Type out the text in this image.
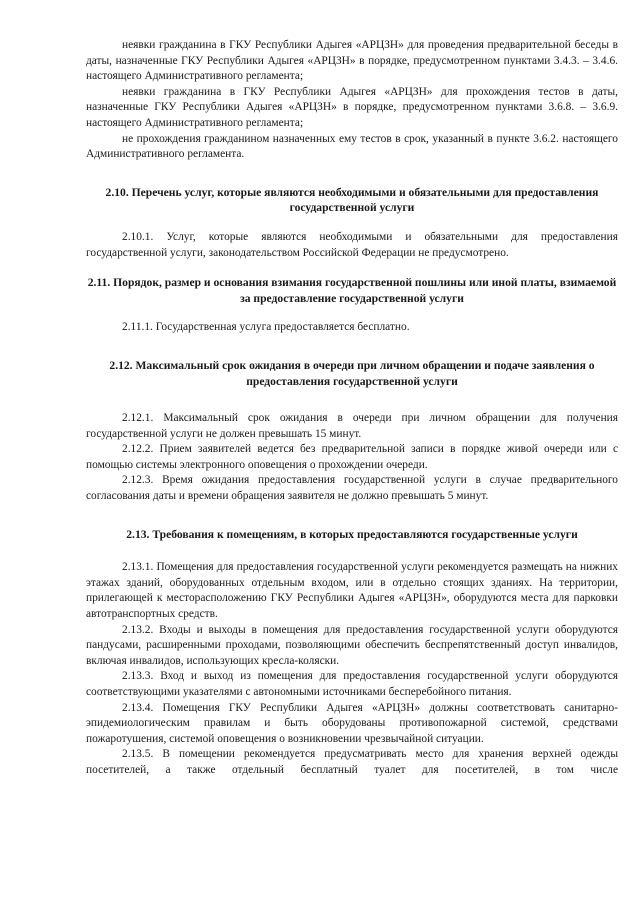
неявки гражданина в ГКУ Республики Адыгея «АРЦЗН» для проведения предварительной беседы в даты, назначенные ГКУ Республики Адыгея «АРЦЗН» в порядке, предусмотренном пунктами 3.4.3. – 3.4.6. настоящего Административного регламента;

неявки гражданина в ГКУ Республики Адыгея «АРЦЗН» для прохождения тестов в даты, назначенные ГКУ Республики Адыгея «АРЦЗН» в порядке, предусмотренном пунктами 3.6.8. – 3.6.9. настоящего Административного регламента;

не прохождения гражданином назначенных ему тестов в срок, указанный в пункте 3.6.2. настоящего Административного регламента.

2.10. Перечень услуг, которые являются необходимыми и обязательными для предоставления государственной услуги

2.10.1. Услуг, которые являются необходимыми и обязательными для предоставления государственной услуги, законодательством Российской Федерации не предусмотрено.

2.11. Порядок, размер и основания взимания государственной пошлины или иной платы, взимаемой за предоставление государственной услуги

2.11.1. Государственная услуга предоставляется бесплатно.

2.12. Максимальный срок ожидания в очереди при личном обращении и подаче заявления о предоставления государственной услуги

2.12.1. Максимальный срок ожидания в очереди при личном обращении для получения государственной услуги не должен превышать 15 минут.

2.12.2. Прием заявителей ведется без предварительной записи в порядке живой очереди или с помощью системы электронного оповещения о прохождении очереди.

2.12.3. Время ожидания предоставления государственной услуги в случае предварительного согласования даты и времени обращения заявителя не должно превышать 5 минут.

2.13. Требования к помещениям, в которых предоставляются государственные услуги

2.13.1. Помещения для предоставления государственной услуги рекомендуется размещать на нижних этажах зданий, оборудованных отдельным входом, или в отдельно стоящих зданиях. На территории, прилегающей к месторасположению ГКУ Республики Адыгея «АРЦЗН», оборудуются места для парковки автотранспортных средств.

2.13.2. Входы и выходы в помещения для предоставления государственной услуги оборудуются пандусами, расширенными проходами, позволяющими обеспечить беспрепятственный доступ инвалидов, включая инвалидов, использующих кресла-коляски.

2.13.3. Вход и выход из помещения для предоставления государственной услуги оборудуются соответствующими указателями с автономными источниками бесперебойного питания.

2.13.4. Помещения ГКУ Республики Адыгея «АРЦЗН» должны соответствовать санитарно-эпидемиологическим правилам и быть оборудованы противопожарной системой, средствами пожаротушения, системой оповещения о возникновении чрезвычайной ситуации.

2.13.5. В помещении рекомендуется предусматривать место для хранения верхней одежды посетителей, а также отдельный бесплатный туалет для посетителей, в том числе
